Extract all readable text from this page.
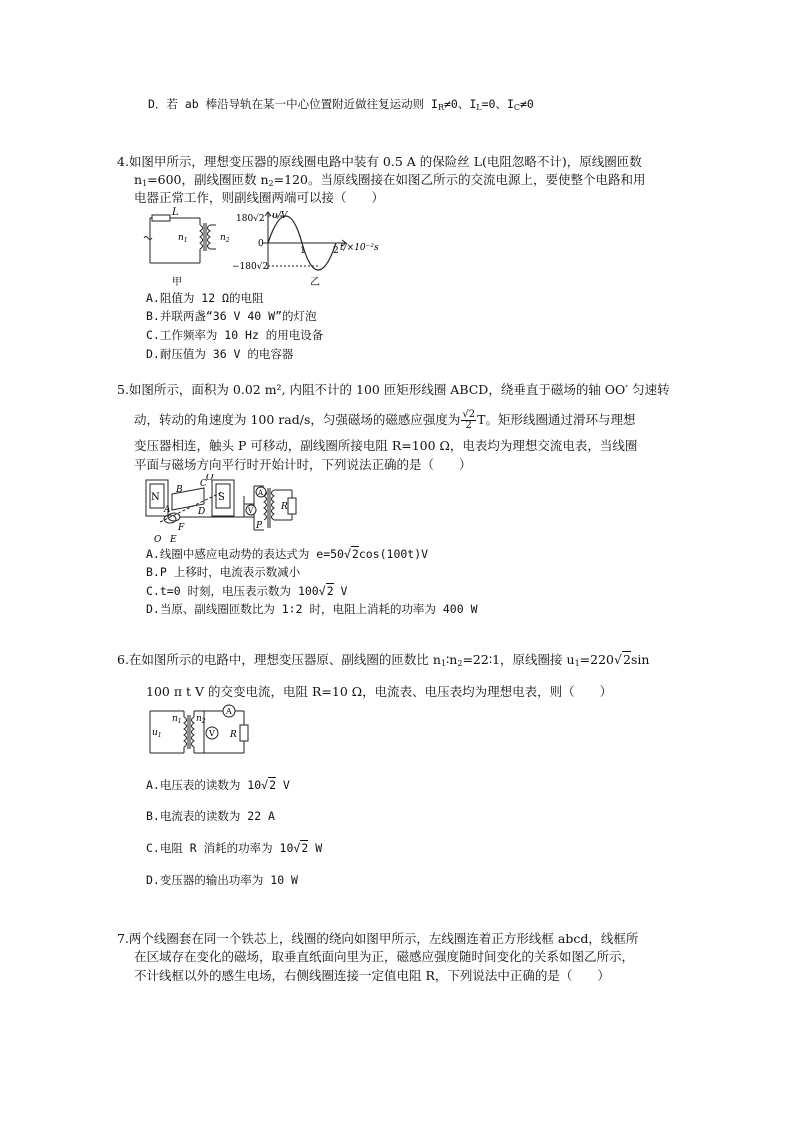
D．若 ab 棒沿导轨在某一中心位置附近做往复运动则 $I_R\ne 0$、$I_L=0$、$I_C\ne 0$
4.如图甲所示，理想变压器的原线圈电路中装有 0.5 A 的保险丝 L(电阻忽略不计)，原线圈匝数
$n_1=600$，副线圈匝数 $n_2=120$。当原线圈接在如图乙所示的交流电源上，要使整个电路和用
电器正常工作，则副线圈两端可以接（　　）
L
$n_1$	$n_2$
甲
u/V
180√2
0
−180√2
1	2 t/×10⁻²s
乙
A.阻值为 12 Ω的电阻
B.并联两盏“36 V 40 W”的灯泡
C.工作频率为 10 Hz 的用电设备
D.耐压值为 36 V 的电容器
5.如图所示，面积为 0.02 m², 内阻不计的 100 匝矩形线圈 ABCD，绕垂直于磁场的轴 OO′ 匀速转
动，转动的角速度为 100 rad/s，匀强磁场的磁感应强度为 $\frac{√2}{2}$ T。矩形线圈通过滑环与理想
变压器相连，触头 P 可移动，副线圈所接电阻 R=100 Ω，电表均为理想交流电表，当线圈
平面与磁场方向平行时开始计时，下列说法正确的是（　　）
N	S
B
C
A	D
F
E
O
O′
A
V
P
R
A.线圈中感应电动势的表达式为 e=50√2cos(100t)V
B.P 上移时，电流表示数减小
C.t=0 时刻，电压表示数为 100√2 V
D.当原、副线圈匝数比为 1∶2 时，电阻上消耗的功率为 400 W
6.在如图所示的电路中，理想变压器原、副线圈的匝数比 $n_1∶n_2=22∶1$，原线圈接 $u_1=220√2\sin$
100 π t V 的交变电流，电阻 R=10 Ω，电流表、电压表均为理想电表，则（　　）
A
V
$n_1$ $n_2$
$u_1$	R
A.电压表的读数为 10√2 V
B.电流表的读数为 22 A
C.电阻 R 消耗的功率为 10√2 W
D.变压器的输出功率为 10 W
7.两个线圈套在同一个铁芯上，线圈的绕向如图甲所示，左线圈连着正方形线框 abcd，线框所
在区域存在变化的磁场，取垂直纸面向里为正，磁感应强度随时间变化的关系如图乙所示，
不计线框以外的感生电场，右侧线圈连接一定值电阻 R，下列说法中正确的是（　　）
